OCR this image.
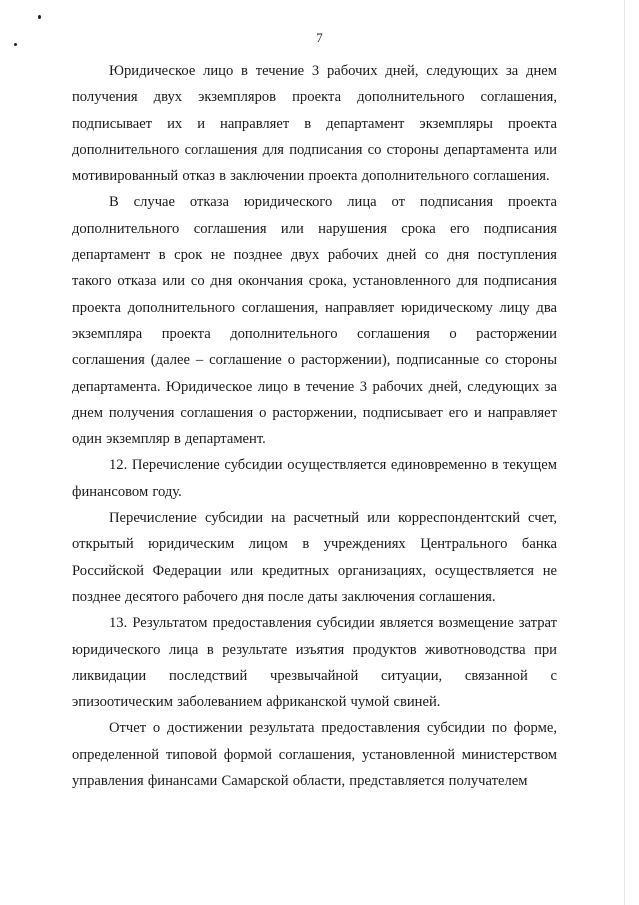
7

Юридическое лицо в течение 3 рабочих дней, следующих за днем получения двух экземпляров проекта дополнительного соглашения, подписывает их и направляет в департамент экземпляры проекта дополнительного соглашения для подписания со стороны департамента или мотивированный отказ в заключении проекта дополнительного соглашения.

В случае отказа юридического лица от подписания проекта дополнительного соглашения или нарушения срока его подписания департамент в срок не позднее двух рабочих дней со дня поступления такого отказа или со дня окончания срока, установленного для подписания проекта дополнительного соглашения, направляет юридическому лицу два экземпляра проекта дополнительного соглашения о расторжении соглашения (далее – соглашение о расторжении), подписанные со стороны департамента. Юридическое лицо в течение 3 рабочих дней, следующих за днем получения соглашения о расторжении, подписывает его и направляет один экземпляр в департамент.

12. Перечисление субсидии осуществляется единовременно в текущем финансовом году.

Перечисление субсидии на расчетный или корреспондентский счет, открытый юридическим лицом в учреждениях Центрального банка Российской Федерации или кредитных организациях, осуществляется не позднее десятого рабочего дня после даты заключения соглашения.

13. Результатом предоставления субсидии является возмещение затрат юридического лица в результате изъятия продуктов животноводства при ликвидации последствий чрезвычайной ситуации, связанной с эпизоотическим заболеванием африканской чумой свиней.

Отчет о достижении результата предоставления субсидии по форме, определенной типовой формой соглашения, установленной министерством управления финансами Самарской области, представляется получателем
